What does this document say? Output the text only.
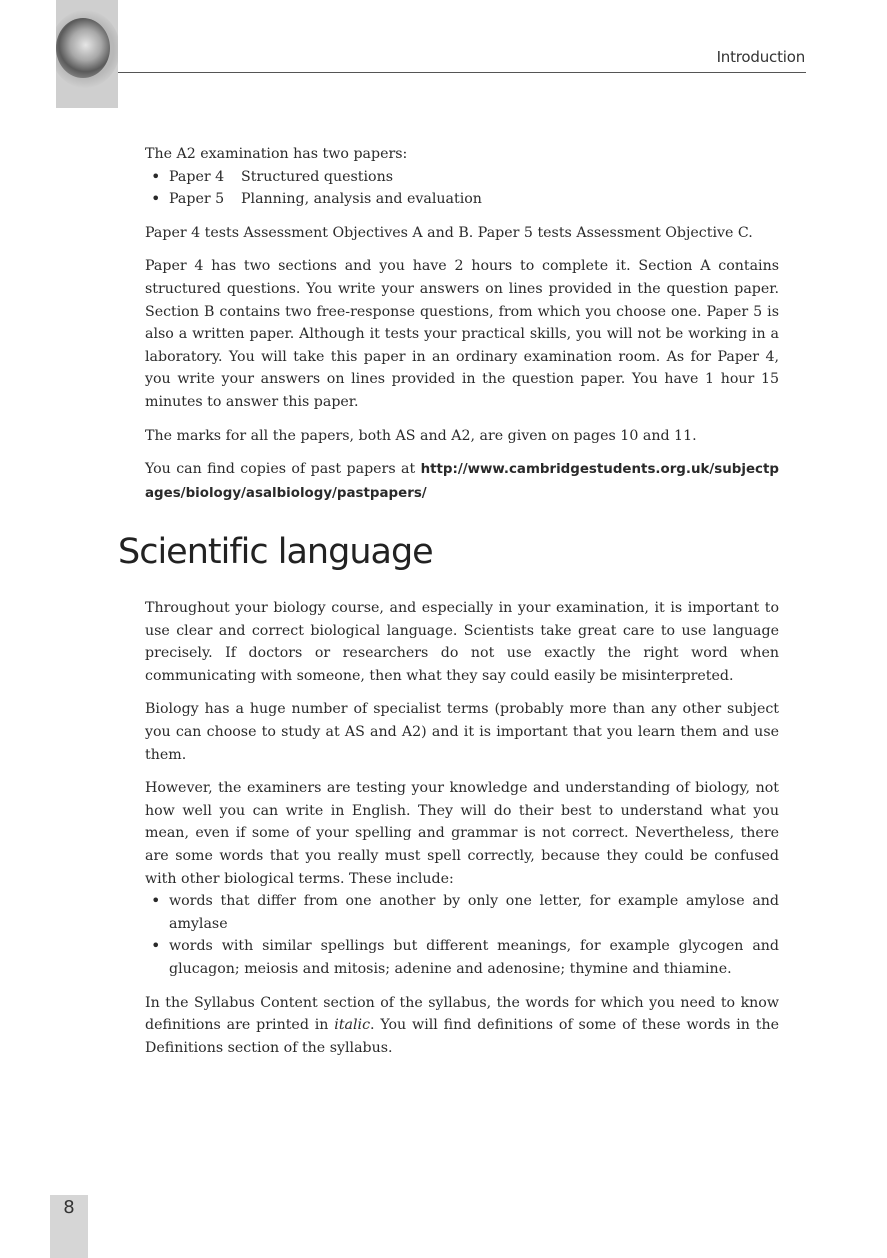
Introduction

The A2 examination has two papers:

• Paper 4 Structured questions
• Paper 5 Planning, analysis and evaluation

Paper 4 tests Assessment Objectives A and B. Paper 5 tests Assessment Objective C.

Paper 4 has two sections and you have 2 hours to complete it. Section A contains structured questions. You write your answers on lines provided in the question paper. Section B contains two free-response questions, from which you choose one. Paper 5 is also a written paper. Although it tests your practical skills, you will not be working in a laboratory. You will take this paper in an ordinary examination room. As for Paper 4, you write your answers on lines provided in the question paper. You have 1 hour 15 minutes to answer this paper.

The marks for all the papers, both AS and A2, are given on pages 10 and 11.

You can find copies of past papers at http://www.cambridgestudents.org.uk/subjectpages/biology/asalbiology/pastpapers/

Scientific language

Throughout your biology course, and especially in your examination, it is important to use clear and correct biological language. Scientists take great care to use language precisely. If doctors or researchers do not use exactly the right word when communicating with someone, then what they say could easily be misinterpreted.

Biology has a huge number of specialist terms (probably more than any other subject you can choose to study at AS and A2) and it is important that you learn them and use them.

However, the examiners are testing your knowledge and understanding of biology, not how well you can write in English. They will do their best to understand what you mean, even if some of your spelling and grammar is not correct. Nevertheless, there are some words that you really must spell correctly, because they could be confused with other biological terms. These include:

• words that differ from one another by only one letter, for example amylose and amylase
• words with similar spellings but different meanings, for example glycogen and glucagon; meiosis and mitosis; adenine and adenosine; thymine and thiamine.

In the Syllabus Content section of the syllabus, the words for which you need to know definitions are printed in italic. You will find definitions of some of these words in the Definitions section of the syllabus.

8
